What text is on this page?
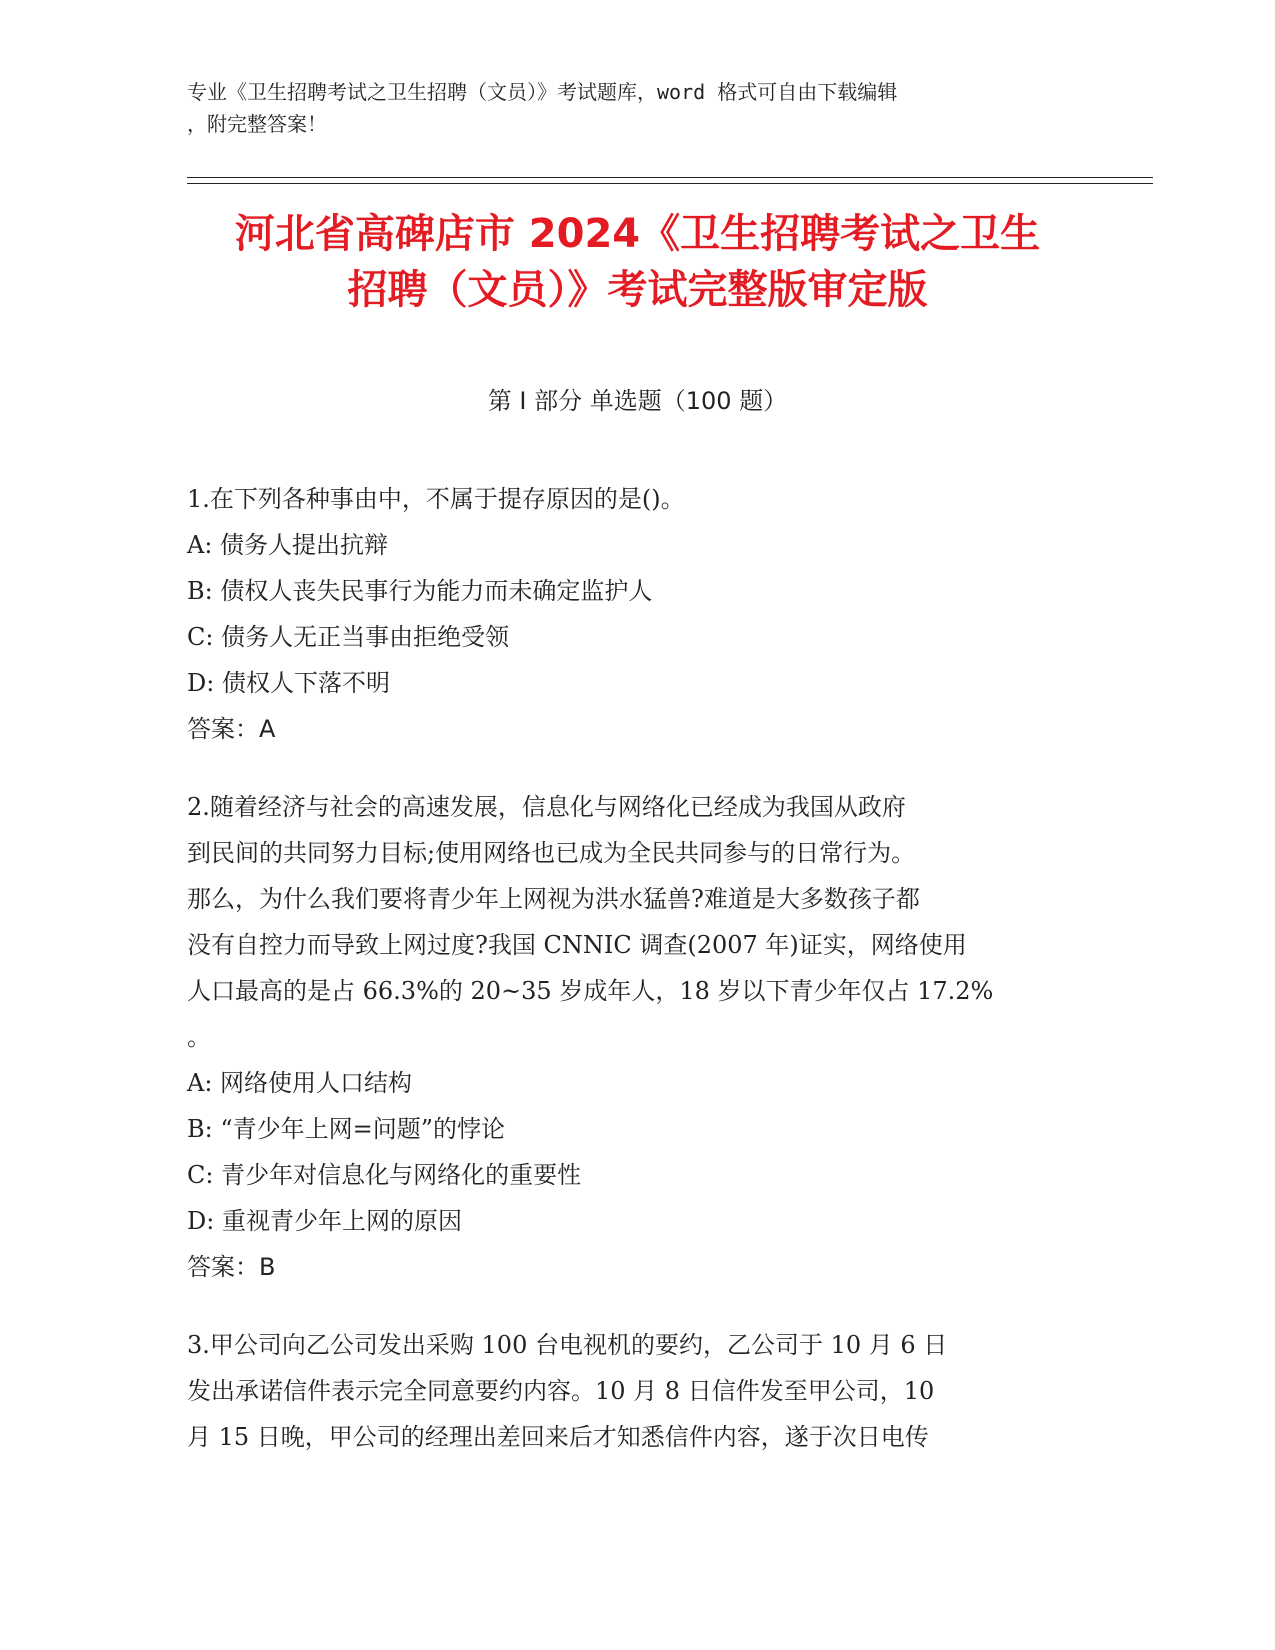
专业《卫生招聘考试之卫生招聘（文员）》考试题库，word 格式可自由下载编辑
，附完整答案！
河北省高碑店市 2024《卫生招聘考试之卫生
招聘（文员）》考试完整版审定版
第 I 部分 单选题（100 题）

1.在下列各种事由中，不属于提存原因的是()。

A: 债务人提出抗辩

B: 债权人丧失民事行为能力而未确定监护人

C: 债务人无正当事由拒绝受领

D: 债权人下落不明

答案：A

2.随着经济与社会的高速发展，信息化与网络化已经成为我国从政府
到民间的共同努力目标;使用网络也已成为全民共同参与的日常行为。
那么，为什么我们要将青少年上网视为洪水猛兽?难道是大多数孩子都
没有自控力而导致上网过度?我国 CNNIC 调查(2007 年)证实，网络使用
人口最高的是占 66.3%的 20~35 岁成年人，18 岁以下青少年仅占 17.2%
。

A: 网络使用人口结构

B: “青少年上网=问题”的悖论

C: 青少年对信息化与网络化的重要性

D: 重视青少年上网的原因

答案：B

3.甲公司向乙公司发出采购 100 台电视机的要约，乙公司于 10 月 6 日
发出承诺信件表示完全同意要约内容。10 月 8 日信件发至甲公司，10
月 15 日晚，甲公司的经理出差回来后才知悉信件内容，遂于次日电传
